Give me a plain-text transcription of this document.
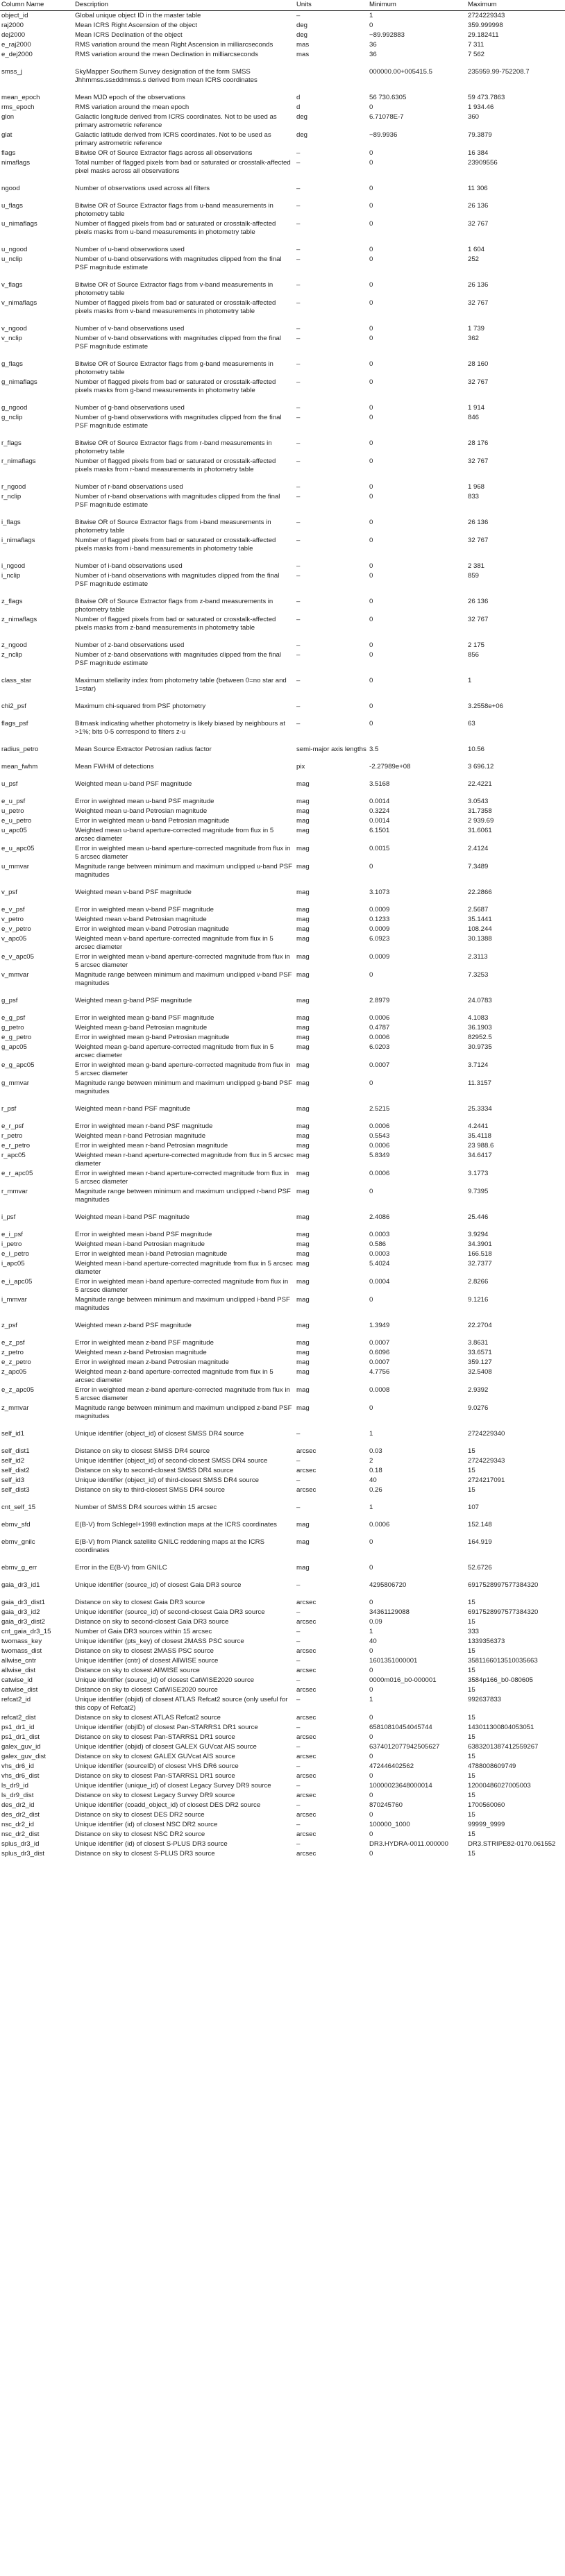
Column Name	Description	Units	Minimum	Maximum
object_id	Global unique object ID in the master table	–	1	2724229343
raj2000	Mean ICRS Right Ascension of the object	deg	0	359.999998
dej2000	Mean ICRS Declination of the object	deg	−89.992883	29.182411
e_raj2000	RMS variation around the mean Right Ascension in milliarcseconds	mas	36	7 311
e_dej2000	RMS variation around the mean Declination in milliarcseconds	mas	36	7 562
smss_j	SkyMapper Southern Survey designation of the form SMSS Jhhmmss.ss±ddmmss.s derived from mean ICRS coordinates		000000.00+005415.5	235959.99-752208.7
mean_epoch	Mean MJD epoch of the observations	d	56 730.6305	59 473.7863
rms_epoch	RMS variation around the mean epoch	d	0	1 934.46
glon	Galactic longitude derived from ICRS coordinates. Not to be used as primary astrometric reference	deg	6.71078E-7	360
glat	Galactic latitude derived from ICRS coordinates. Not to be used as primary astrometric reference	deg	−89.9936	79.3879
flags	Bitwise OR of Source Extractor flags across all observations	–	0	16 384
nimaflags	Total number of flagged pixels from bad or saturated or crosstalk-affected pixel masks across all observations	–	0	23909556
ngood	Number of observations used across all filters	–	0	11 306
u_flags	Bitwise OR of Source Extractor flags from u-band measurements in photometry table	–	0	26 136
u_nimaflags	Number of flagged pixels from bad or saturated or crosstalk-affected pixels masks from u-band measurements in photometry table	–	0	32 767
u_ngood	Number of u-band observations used	–	0	1 604
u_nclip	Number of u-band observations with magnitudes clipped from the final PSF magnitude estimate	–	0	252
v_flags	Bitwise OR of Source Extractor flags from v-band measurements in photometry table	–	0	26 136
v_nimaflags	Number of flagged pixels from bad or saturated or crosstalk-affected pixels masks from v-band measurements in photometry table	–	0	32 767
v_ngood	Number of v-band observations used	–	0	1 739
v_nclip	Number of v-band observations with magnitudes clipped from the final PSF magnitude estimate	–	0	362
g_flags	Bitwise OR of Source Extractor flags from g-band measurements in photometry table	–	0	28 160
g_nimaflags	Number of flagged pixels from bad or saturated or crosstalk-affected pixels masks from g-band measurements in photometry table	–	0	32 767
g_ngood	Number of g-band observations used	–	0	1 914
g_nclip	Number of g-band observations with magnitudes clipped from the final PSF magnitude estimate	–	0	846
r_flags	Bitwise OR of Source Extractor flags from r-band measurements in photometry table	–	0	28 176
r_nimaflags	Number of flagged pixels from bad or saturated or crosstalk-affected pixels masks from r-band measurements in photometry table	–	0	32 767
r_ngood	Number of r-band observations used	–	0	1 968
r_nclip	Number of r-band observations with magnitudes clipped from the final PSF magnitude estimate	–	0	833
i_flags	Bitwise OR of Source Extractor flags from i-band measurements in photometry table	–	0	26 136
i_nimaflags	Number of flagged pixels from bad or saturated or crosstalk-affected pixels masks from i-band measurements in photometry table	–	0	32 767
i_ngood	Number of i-band observations used	–	0	2 381
i_nclip	Number of i-band observations with magnitudes clipped from the final PSF magnitude estimate	–	0	859
z_flags	Bitwise OR of Source Extractor flags from z-band measurements in photometry table	–	0	26 136
z_nimaflags	Number of flagged pixels from bad or saturated or crosstalk-affected pixels masks from z-band measurements in photometry table	–	0	32 767
z_ngood	Number of z-band observations used	–	0	2 175
z_nclip	Number of z-band observations with magnitudes clipped from the final PSF magnitude estimate	–	0	856
class_star	Maximum stellarity index from photometry table (between 0=no star and 1=star)	–	0	1
chi2_psf	Maximum chi-squared from PSF photometry	–	0	3.2558e+06
flags_psf	Bitmask indicating whether photometry is likely biased by neighbours at >1%; bits 0-5 correspond to filters z-u	–	0	63
radius_petro	Mean Source Extractor Petrosian radius factor	semi-major axis lengths	3.5	10.56
mean_fwhm	Mean FWHM of detections	pix	-2.27989e+08	3 696.12
u_psf	Weighted mean u-band PSF magnitude	mag	3.5168	22.4221
e_u_psf	Error in weighted mean u-band PSF magnitude	mag	0.0014	3.0543
u_petro	Weighted mean u-band Petrosian magnitude	mag	0.3224	31.7358
e_u_petro	Error in weighted mean u-band Petrosian magnitude	mag	0.0014	2 939.69
u_apc05	Weighted mean u-band aperture-corrected magnitude from flux in 5 arcsec diameter	mag	6.1501	31.6061
e_u_apc05	Error in weighted mean u-band aperture-corrected magnitude from flux in 5 arcsec diameter	mag	0.0015	2.4124
u_mmvar	Magnitude range between minimum and maximum unclipped u-band PSF magnitudes	mag	0	7.3489
v_psf	Weighted mean v-band PSF magnitude	mag	3.1073	22.2866
e_v_psf	Error in weighted mean v-band PSF magnitude	mag	0.0009	2.5687
v_petro	Weighted mean v-band Petrosian magnitude	mag	0.1233	35.1441
e_v_petro	Error in weighted mean v-band Petrosian magnitude	mag	0.0009	108.244
v_apc05	Weighted mean v-band aperture-corrected magnitude from flux in 5 arcsec diameter	mag	6.0923	30.1388
e_v_apc05	Error in weighted mean v-band aperture-corrected magnitude from flux in 5 arcsec diameter	mag	0.0009	2.3113
v_mmvar	Magnitude range between minimum and maximum unclipped v-band PSF magnitudes	mag	0	7.3253
g_psf	Weighted mean g-band PSF magnitude	mag	2.8979	24.0783
e_g_psf	Error in weighted mean g-band PSF magnitude	mag	0.0006	4.1083
g_petro	Weighted mean g-band Petrosian magnitude	mag	0.4787	36.1903
e_g_petro	Error in weighted mean g-band Petrosian magnitude	mag	0.0006	82952.5
g_apc05	Weighted mean g-band aperture-corrected magnitude from flux in 5 arcsec diameter	mag	6.0203	30.9735
e_g_apc05	Error in weighted mean g-band aperture-corrected magnitude from flux in 5 arcsec diameter	mag	0.0007	3.7124
g_mmvar	Magnitude range between minimum and maximum unclipped g-band PSF magnitudes	mag	0	11.3157
r_psf	Weighted mean r-band PSF magnitude	mag	2.5215	25.3334
e_r_psf	Error in weighted mean r-band PSF magnitude	mag	0.0006	4.2441
r_petro	Weighted mean r-band Petrosian magnitude	mag	0.5543	35.4118
e_r_petro	Error in weighted mean r-band Petrosian magnitude	mag	0.0006	23 988.6
r_apc05	Weighted mean r-band aperture-corrected magnitude from flux in 5 arcsec diameter	mag	5.8349	34.6417
e_r_apc05	Error in weighted mean r-band aperture-corrected magnitude from flux in 5 arcsec diameter	mag	0.0006	3.1773
r_mmvar	Magnitude range between minimum and maximum unclipped r-band PSF magnitudes	mag	0	9.7395
i_psf	Weighted mean i-band PSF magnitude	mag	2.4086	25.446
e_i_psf	Error in weighted mean i-band PSF magnitude	mag	0.0003	3.9294
i_petro	Weighted mean i-band Petrosian magnitude	mag	0.586	34.3901
e_i_petro	Error in weighted mean i-band Petrosian magnitude	mag	0.0003	166.518
i_apc05	Weighted mean i-band aperture-corrected magnitude from flux in 5 arcsec diameter	mag	5.4024	32.7377
e_i_apc05	Error in weighted mean i-band aperture-corrected magnitude from flux in 5 arcsec diameter	mag	0.0004	2.8266
i_mmvar	Magnitude range between minimum and maximum unclipped i-band PSF magnitudes	mag	0	9.1216
z_psf	Weighted mean z-band PSF magnitude	mag	1.3949	22.2704
e_z_psf	Error in weighted mean z-band PSF magnitude	mag	0.0007	3.8631
z_petro	Weighted mean z-band Petrosian magnitude	mag	0.6096	33.6571
e_z_petro	Error in weighted mean z-band Petrosian magnitude	mag	0.0007	359.127
z_apc05	Weighted mean z-band aperture-corrected magnitude from flux in 5 arcsec diameter	mag	4.7756	32.5408
e_z_apc05	Error in weighted mean z-band aperture-corrected magnitude from flux in 5 arcsec diameter	mag	0.0008	2.9392
z_mmvar	Magnitude range between minimum and maximum unclipped z-band PSF magnitudes	mag	0	9.0276
self_id1	Unique identifier (object_id) of closest SMSS DR4 source	–	1	2724229340
self_dist1	Distance on sky to closest SMSS DR4 source	arcsec	0.03	15
self_id2	Unique identifier (object_id) of second-closest SMSS DR4 source	–	2	2724229343
self_dist2	Distance on sky to second-closest SMSS DR4 source	arcsec	0.18	15
self_id3	Unique identifier (object_id) of third-closest SMSS DR4 source	–	40	2724217091
self_dist3	Distance on sky to third-closest SMSS DR4 source	arcsec	0.26	15
cnt_self_15	Number of SMSS DR4 sources within 15 arcsec	–	1	107
ebmv_sfd	E(B-V) from Schlegel+1998 extinction maps at the ICRS coordinates	mag	0.0006	152.148
ebmv_gnilc	E(B-V) from Planck satellite GNILC reddening maps at the ICRS coordinates	mag	0	164.919
ebmv_g_err	Error in the E(B-V) from GNILC	mag	0	52.6726
gaia_dr3_id1	Unique identifier (source_id) of closest Gaia DR3 source	–	4295806720	6917528997577384320
gaia_dr3_dist1	Distance on sky to closest Gaia DR3 source	arcsec	0	15
gaia_dr3_id2	Unique identifier (source_id) of second-closest Gaia DR3 source	–	34361129088	6917528997577384320
gaia_dr3_dist2	Distance on sky to second-closest Gaia DR3 source	arcsec	0.09	15
cnt_gaia_dr3_15	Number of Gaia DR3 sources within 15 arcsec	–	1	333
twomass_key	Unique identifier (pts_key) of closest 2MASS PSC source	–	40	1339356373
twomass_dist	Distance on sky to closest 2MASS PSC source	arcsec	0	15
allwise_cntr	Unique identifier (cntr) of closest AllWISE source	–	1601351000001	3581166013510035663
allwise_dist	Distance on sky to closest AllWISE source	arcsec	0	15
catwise_id	Unique identifier (source_id) of closest CatWISE2020 source	–	0000m016_b0-000001	3584p166_b0-080605
catwise_dist	Distance on sky to closest CatWISE2020 source	arcsec	0	15
refcat2_id	Unique identifier (objid) of closest ATLAS Refcat2 source (only useful for this copy of Refcat2)	–	1	992637833
refcat2_dist	Distance on sky to closest ATLAS Refcat2 source	arcsec	0	15
ps1_dr1_id	Unique identifier (objID) of closest Pan-STARRS1 DR1 source	–	65810810454045744	143011300804053051
ps1_dr1_dist	Distance on sky to closest Pan-STARRS1 DR1 source	arcsec	0	15
galex_guv_id	Unique identifier (objid) of closest GALEX GUVcat AIS source	–	6374012077942505627	6383201387412559267
galex_guv_dist	Distance on sky to closest GALEX GUVcat AIS source	arcsec	0	15
vhs_dr6_id	Unique identifier (sourceID) of closest VHS DR6 source	–	472446402562	4788008609749
vhs_dr6_dist	Distance on sky to closest Pan-STARRS1 DR1 source	arcsec	0	15
ls_dr9_id	Unique identifier (unique_id) of closest Legacy Survey DR9 source	–	10000023648000014	12000486027005003
ls_dr9_dist	Distance on sky to closest Legacy Survey DR9 source	arcsec	0	15
des_dr2_id	Unique identifier (coadd_object_id) of closest DES DR2 source	–	870245760	1700560060
des_dr2_dist	Distance on sky to closest DES DR2 source	arcsec	0	15
nsc_dr2_id	Unique identifier (id) of closest NSC DR2 source	–	100000_1000	99999_9999
nsc_dr2_dist	Distance on sky to closest NSC DR2 source	arcsec	0	15
splus_dr3_id	Unique identifier (id) of closest S-PLUS DR3 source	–	DR3.HYDRA-0011.000000	DR3.STRIPE82-0170.061552
splus_dr3_dist	Distance on sky to closest S-PLUS DR3 source	arcsec	0	15
